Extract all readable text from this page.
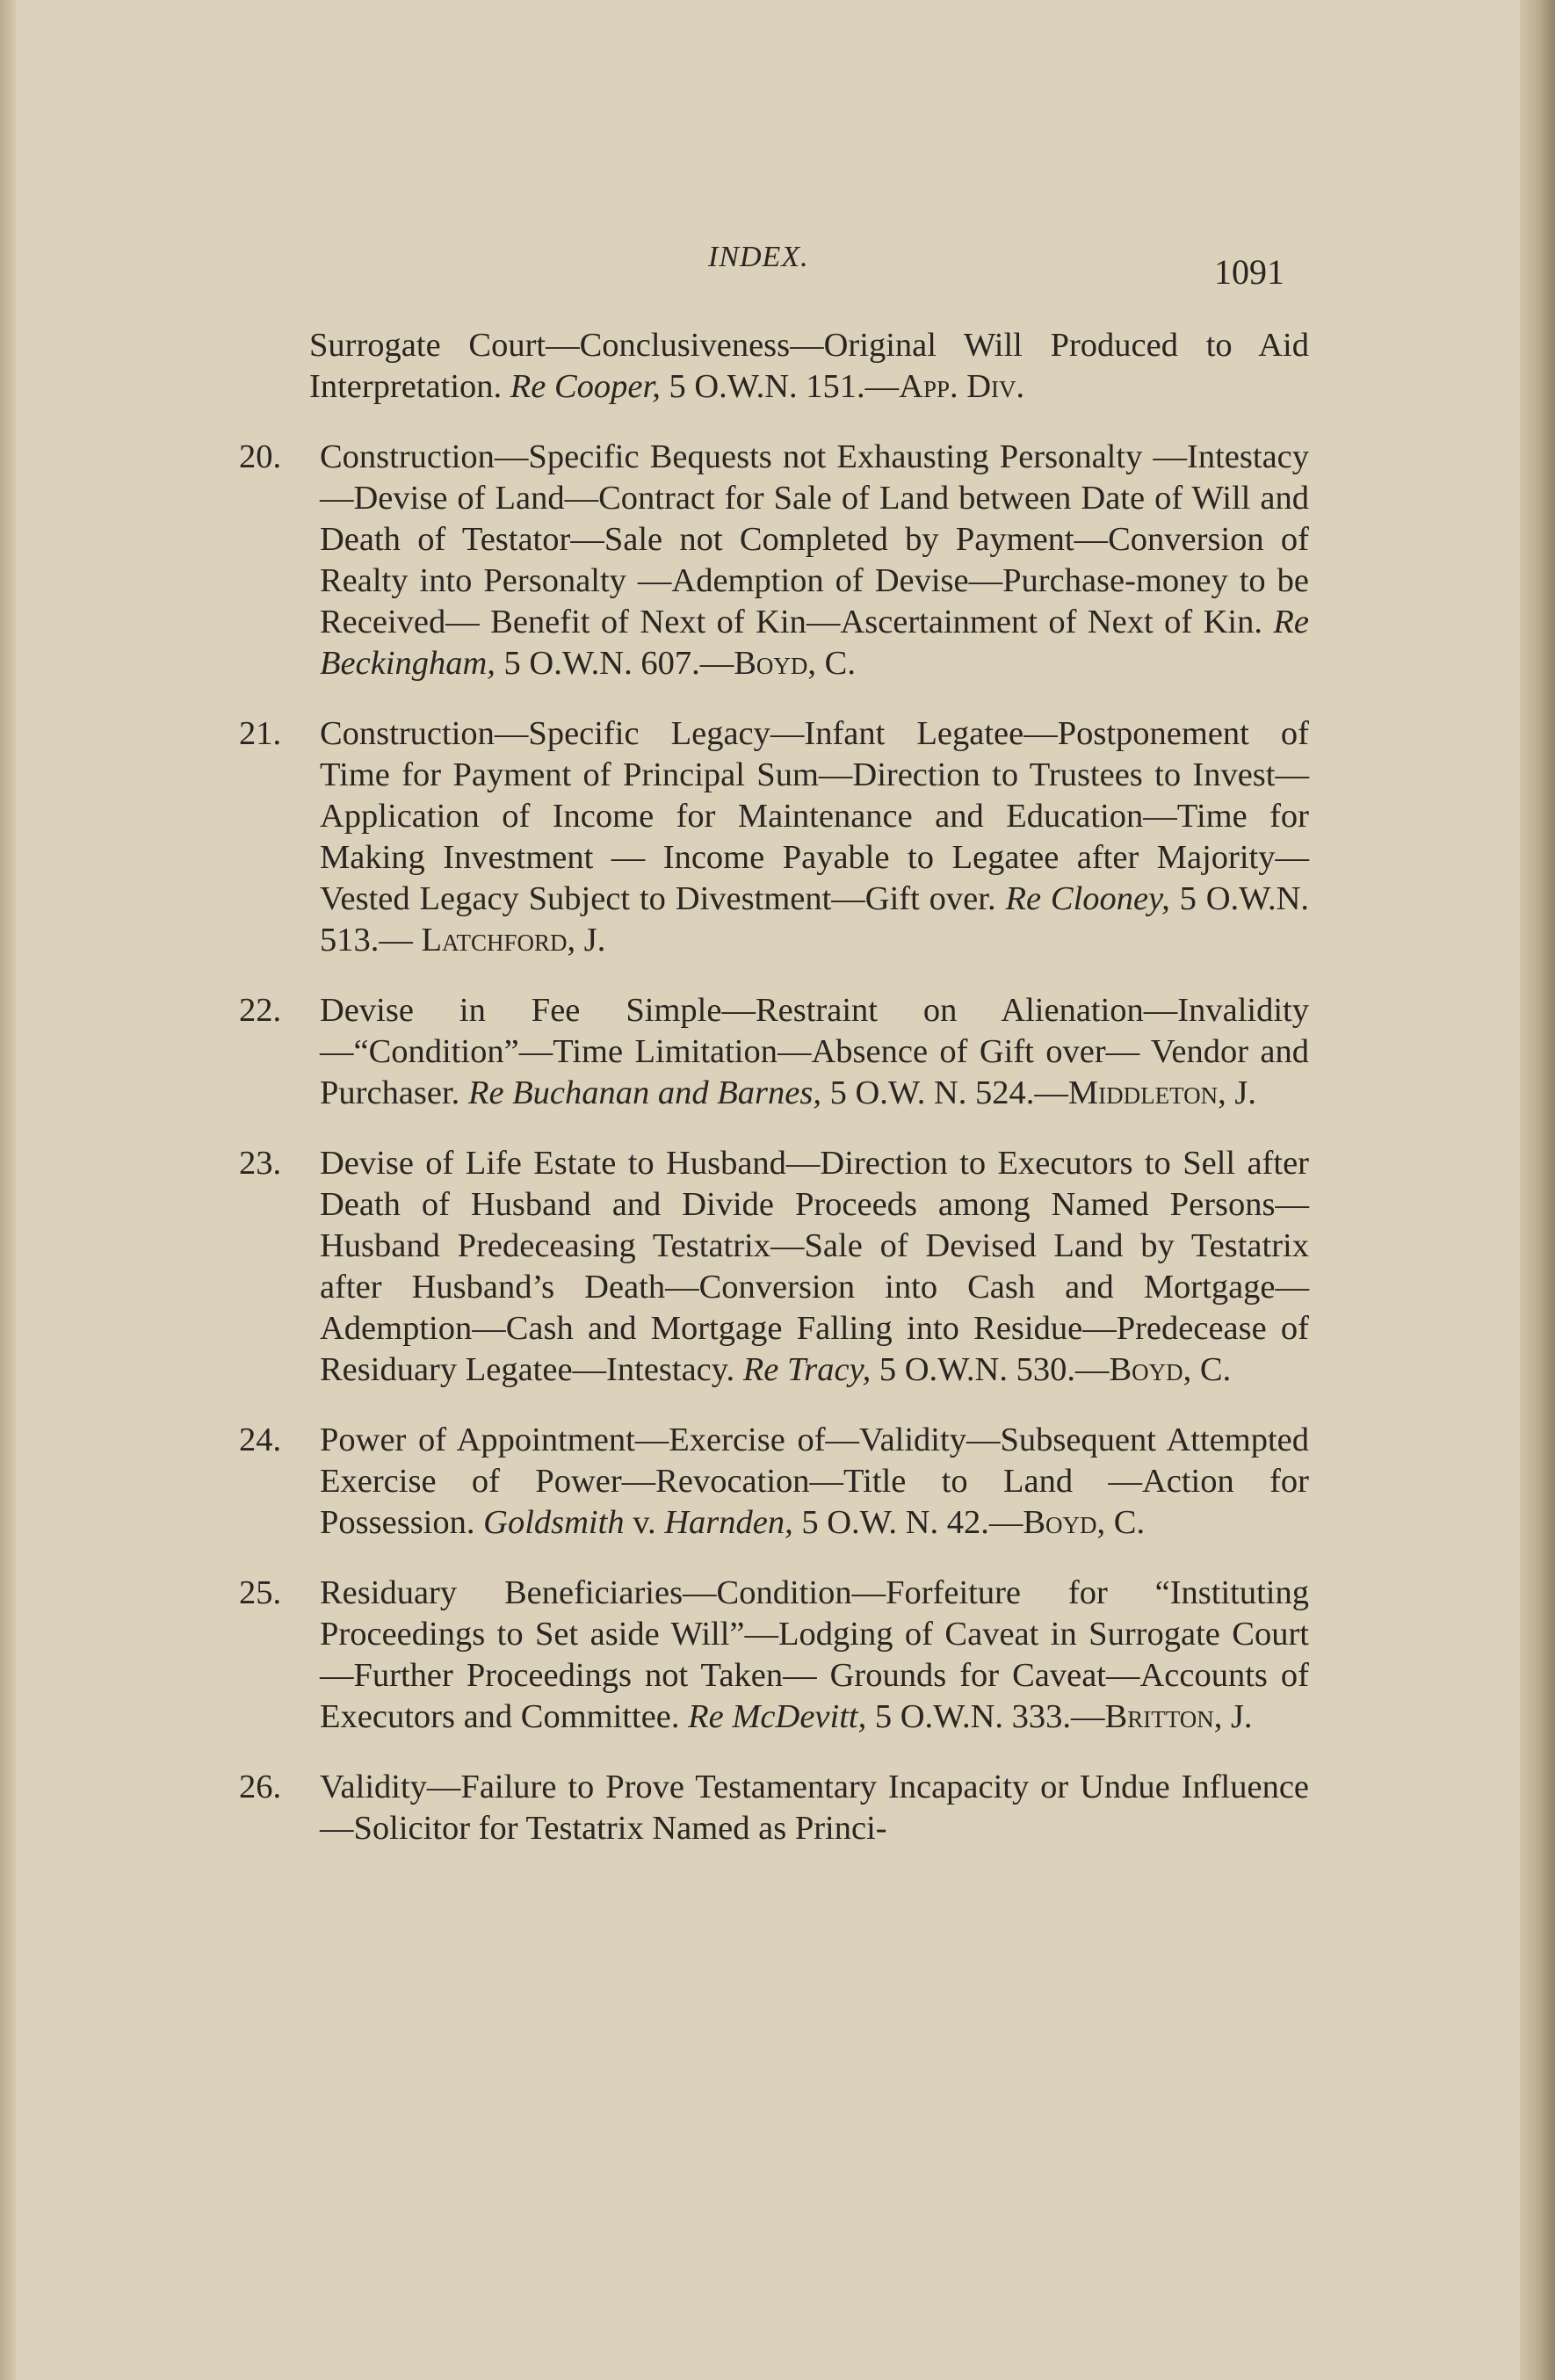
INDEX.	1091
Surrogate Court—Conclusiveness—Original Will Produced to Aid Interpretation. Re Cooper, 5 O.W.N. 151.—App. Div.
20. Construction—Specific Bequests not Exhausting Personalty —Intestacy—Devise of Land—Contract for Sale of Land between Date of Will and Death of Testator—Sale not Completed by Payment—Conversion of Realty into Personalty —Ademption of Devise—Purchase-money to be Received— Benefit of Next of Kin—Ascertainment of Next of Kin. Re Beckingham, 5 O.W.N. 607.—Boyd, C.
21. Construction—Specific Legacy—Infant Legatee—Postponement of Time for Payment of Principal Sum—Direction to Trustees to Invest—Application of Income for Maintenance and Education—Time for Making Investment — Income Payable to Legatee after Majority—Vested Legacy Subject to Divestment—Gift over. Re Clooney, 5 O.W.N. 513.— Latchford, J.
22. Devise in Fee Simple—Restraint on Alienation—Invalidity —“Condition”—Time Limitation—Absence of Gift over— Vendor and Purchaser. Re Buchanan and Barnes, 5 O.W. N. 524.—Middleton, J.
23. Devise of Life Estate to Husband—Direction to Executors to Sell after Death of Husband and Divide Proceeds among Named Persons—Husband Predeceasing Testatrix—Sale of Devised Land by Testatrix after Husband’s Death—Conversion into Cash and Mortgage—Ademption—Cash and Mortgage Falling into Residue—Predecease of Residuary Legatee—Intestacy. Re Tracy, 5 O.W.N. 530.—Boyd, C.
24. Power of Appointment—Exercise of—Validity—Subsequent Attempted Exercise of Power—Revocation—Title to Land —Action for Possession. Goldsmith v. Harnden, 5 O.W. N. 42.—Boyd, C.
25. Residuary Beneficiaries—Condition—Forfeiture for “Instituting Proceedings to Set aside Will”—Lodging of Caveat in Surrogate Court—Further Proceedings not Taken— Grounds for Caveat—Accounts of Executors and Committee. Re McDevitt, 5 O.W.N. 333.—Britton, J.
26. Validity—Failure to Prove Testamentary Incapacity or Undue Influence—Solicitor for Testatrix Named as Princi-
